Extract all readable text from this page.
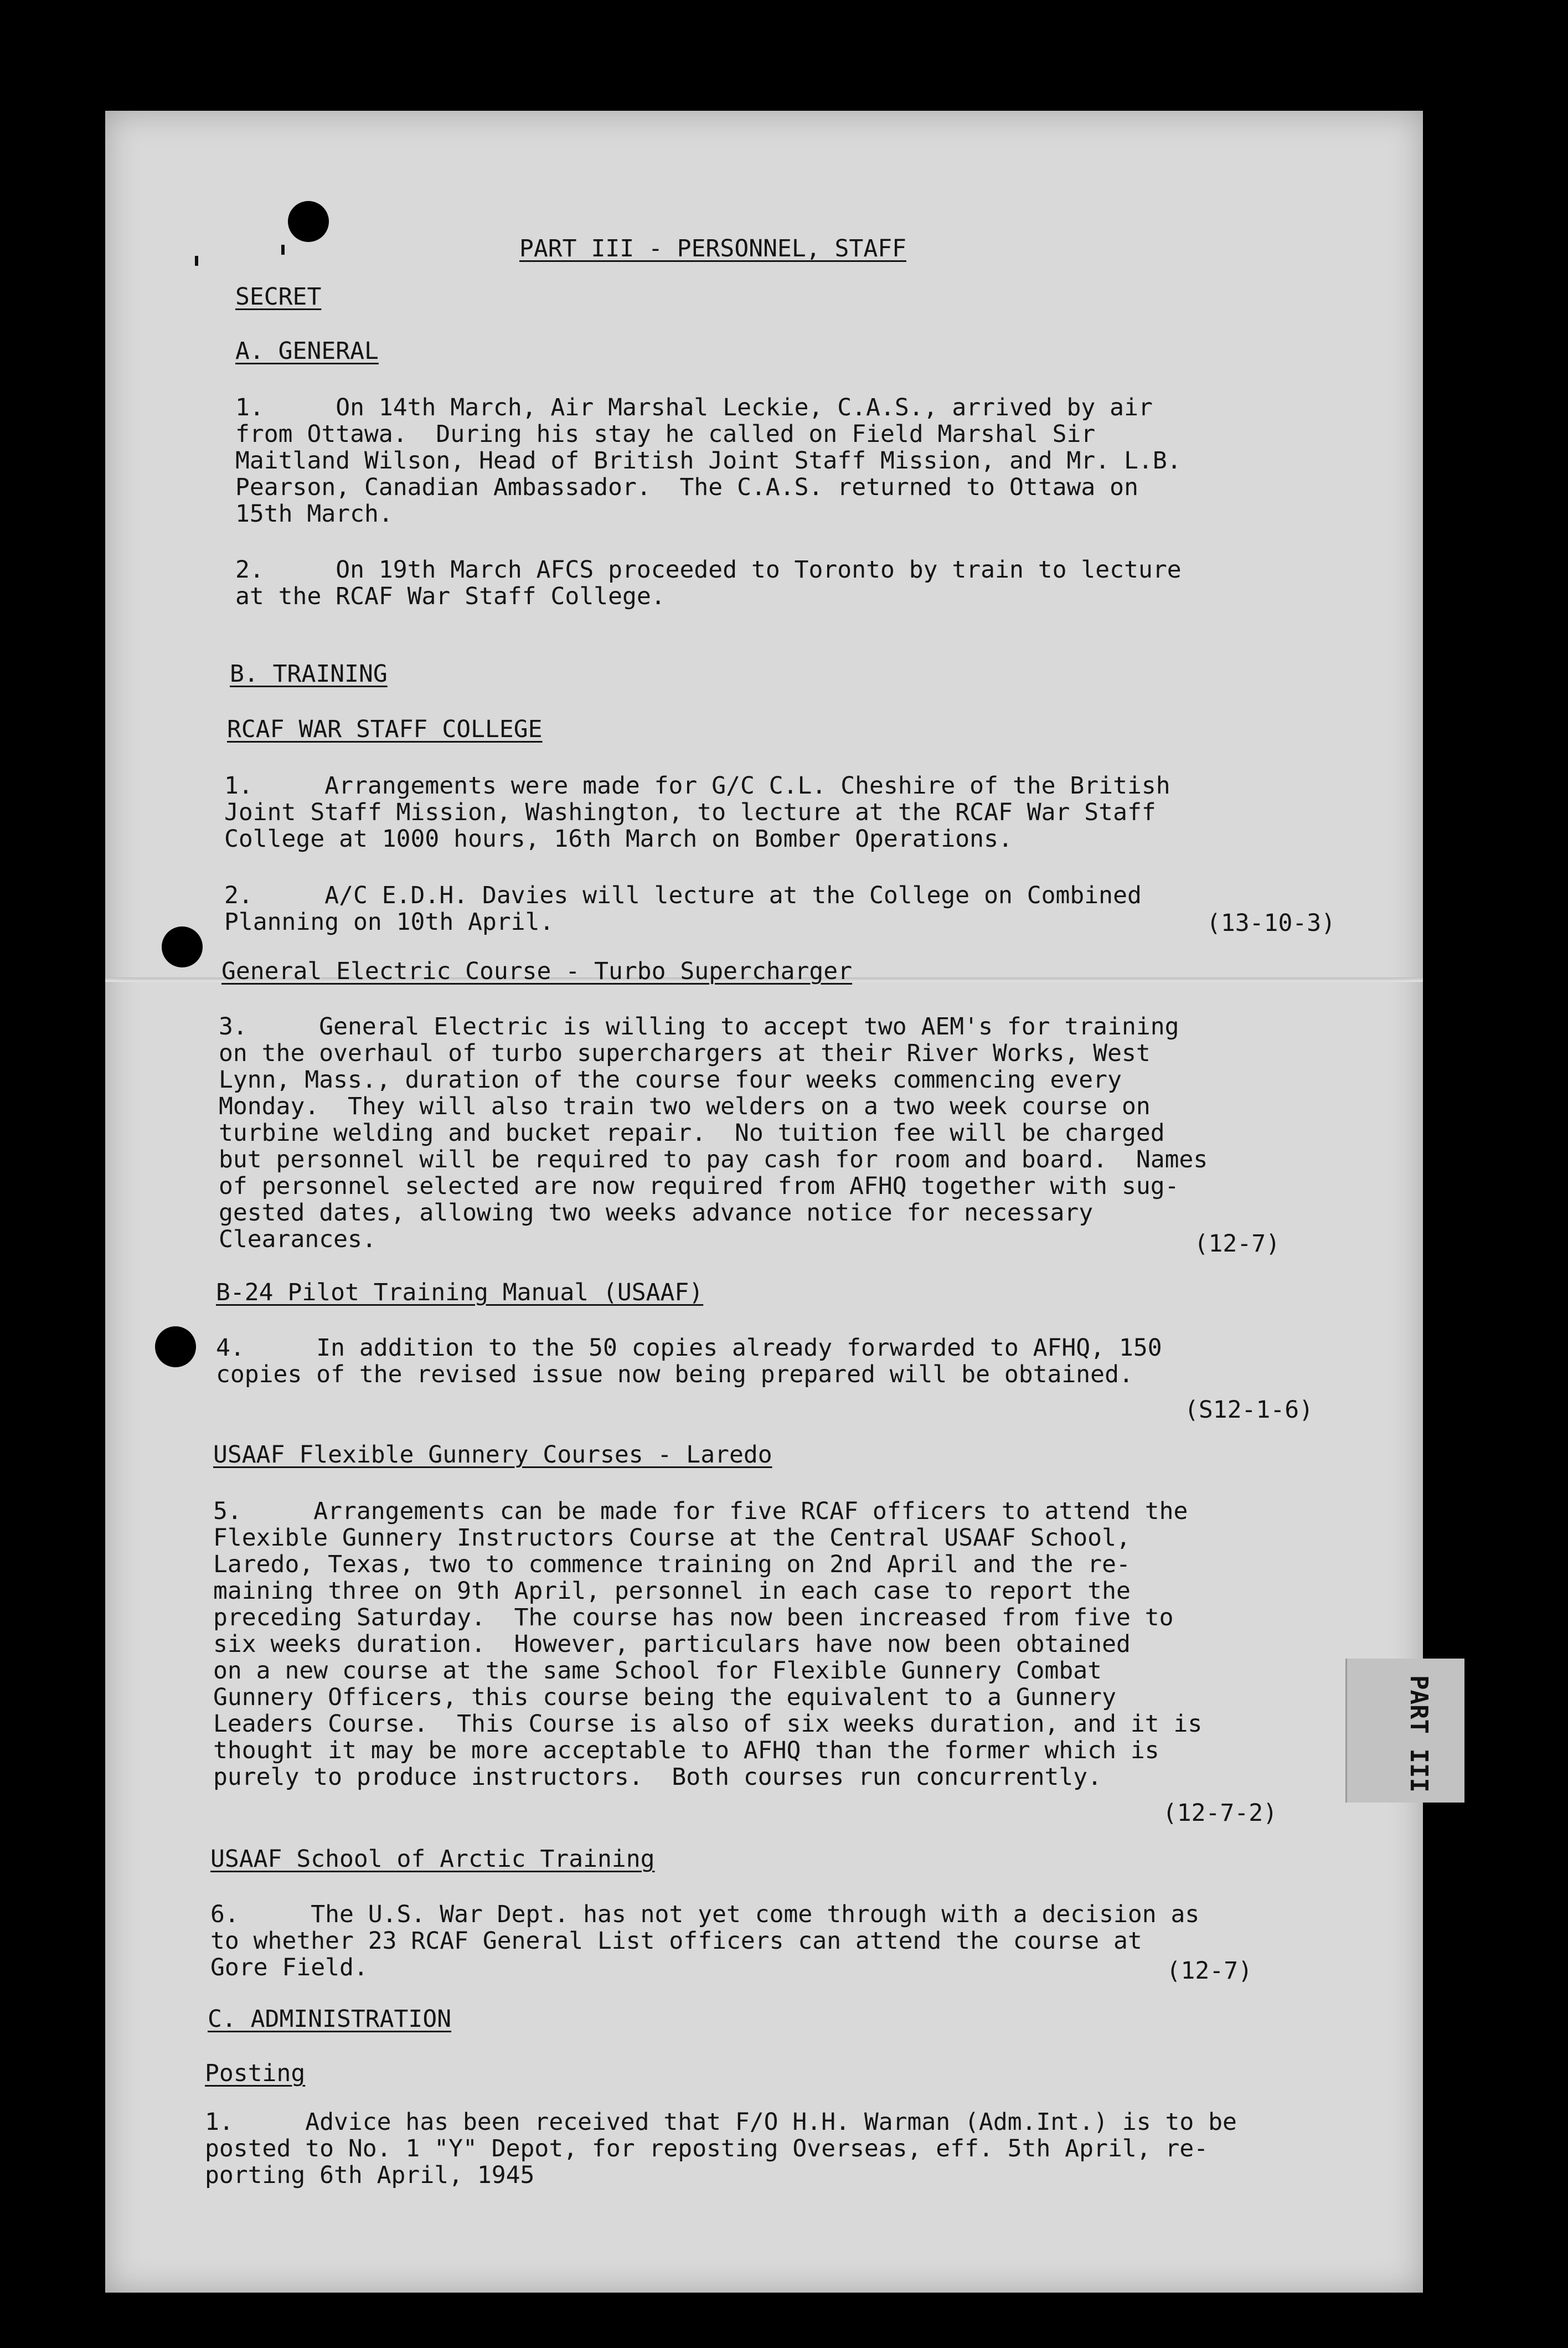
PART III
PART III - PERSONNEL, STAFF
SECRET
A. GENERAL
1.     On 14th March, Air Marshal Leckie, C.A.S., arrived by air
from Ottawa.  During his stay he called on Field Marshal Sir
Maitland Wilson, Head of British Joint Staff Mission, and Mr. L.B.
Pearson, Canadian Ambassador.  The C.A.S. returned to Ottawa on
15th March.
2.     On 19th March AFCS proceeded to Toronto by train to lecture
at the RCAF War Staff College.
B. TRAINING
RCAF WAR STAFF COLLEGE
1.     Arrangements were made for G/C C.L. Cheshire of the British
Joint Staff Mission, Washington, to lecture at the RCAF War Staff
College at 1000 hours, 16th March on Bomber Operations.
2.     A/C E.D.H. Davies will lecture at the College on Combined
Planning on 10th April.	(13-10-3)
General Electric Course - Turbo Supercharger
3.     General Electric is willing to accept two AEM's for training
on the overhaul of turbo superchargers at their River Works, West
Lynn, Mass., duration of the course four weeks commencing every
Monday.  They will also train two welders on a two week course on
turbine welding and bucket repair.  No tuition fee will be charged
but personnel will be required to pay cash for room and board.  Names
of personnel selected are now required from AFHQ together with sug-
gested dates, allowing two weeks advance notice for necessary
Clearances.	(12-7)
B-24 Pilot Training Manual (USAAF)
4.     In addition to the 50 copies already forwarded to AFHQ, 150
copies of the revised issue now being prepared will be obtained.
(S12-1-6)
USAAF Flexible Gunnery Courses - Laredo
5.     Arrangements can be made for five RCAF officers to attend the
Flexible Gunnery Instructors Course at the Central USAAF School,
Laredo, Texas, two to commence training on 2nd April and the re-
maining three on 9th April, personnel in each case to report the
preceding Saturday.  The course has now been increased from five to
six weeks duration.  However, particulars have now been obtained
on a new course at the same School for Flexible Gunnery Combat
Gunnery Officers, this course being the equivalent to a Gunnery
Leaders Course.  This Course is also of six weeks duration, and it is
thought it may be more acceptable to AFHQ than the former which is
purely to produce instructors.  Both courses run concurrently.
(12-7-2)
USAAF School of Arctic Training
6.     The U.S. War Dept. has not yet come through with a decision as
to whether 23 RCAF General List officers can attend the course at
Gore Field.	(12-7)
C. ADMINISTRATION
Posting
1.     Advice has been received that F/O H.H. Warman (Adm.Int.) is to be
posted to No. 1 "Y" Depot, for reposting Overseas, eff. 5th April, re-
porting 6th April, 1945
